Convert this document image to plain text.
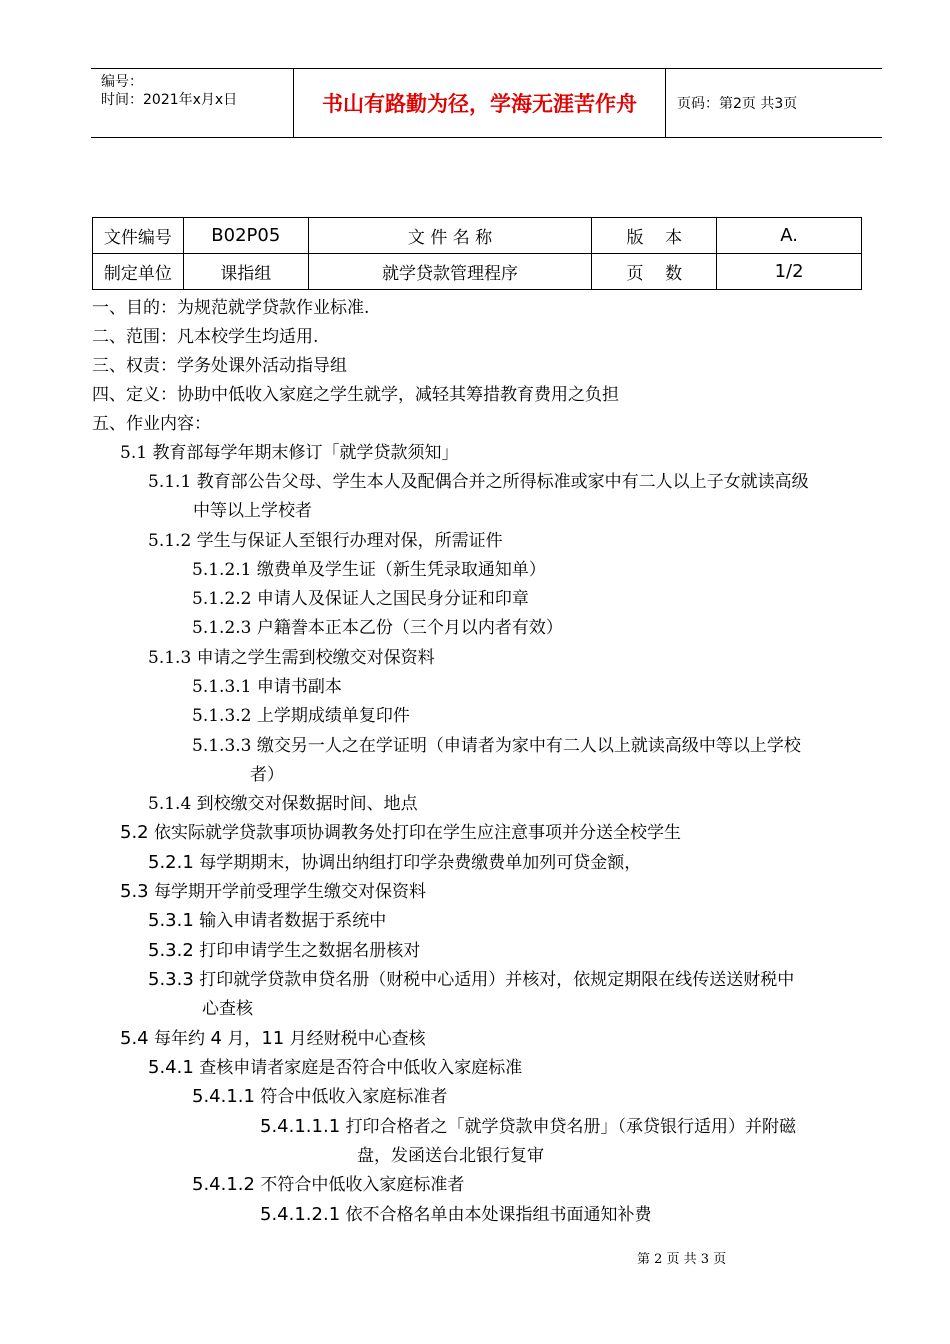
编号：
时间：2021年x月x日	书山有路勤为径，学海无涯苦作舟	页码：第2页 共3页
文件编号	B02P05	文 件 名 称	版    本	A.
制定单位	课指组	就学贷款管理程序	页    数	1/2
一、目的：为规范就学贷款作业标准.
二、范围：凡本校学生均适用.
三、权责：学务处课外活动指导组
四、定义：协助中低收入家庭之学生就学，减轻其筹措教育费用之负担
五、作业内容：
5.1 教育部每学年期末修订「就学贷款须知」
5.1.1 教育部公告父母、学生本人及配偶合并之所得标准或家中有二人以上子女就读高级
中等以上学校者
5.1.2 学生与保证人至银行办理对保，所需证件
5.1.2.1 缴费单及学生证（新生凭录取通知单）
5.1.2.2 申请人及保证人之国民身分证和印章
5.1.2.3 户籍誊本正本乙份（三个月以内者有效）
5.1.3 申请之学生需到校缴交对保资料
5.1.3.1 申请书副本
5.1.3.2 上学期成绩单复印件
5.1.3.3 缴交另一人之在学证明（申请者为家中有二人以上就读高级中等以上学校
者）
5.1.4 到校缴交对保数据时间、地点
5.2 依实际就学贷款事项协调教务处打印在学生应注意事项并分送全校学生
5.2.1 每学期期末，协调出纳组打印学杂费缴费单加列可贷金额，
5.3 每学期开学前受理学生缴交对保资料
5.3.1 输入申请者数据于系统中
5.3.2 打印申请学生之数据名册核对
5.3.3 打印就学贷款申贷名册（财税中心适用）并核对，依规定期限在线传送送财税中
心查核
5.4 每年约 4 月，11 月经财税中心查核
5.4.1 查核申请者家庭是否符合中低收入家庭标准
5.4.1.1 符合中低收入家庭标准者
5.4.1.1.1 打印合格者之「就学贷款申贷名册」（承贷银行适用）并附磁
盘，发函送台北银行复审
5.4.1.2 不符合中低收入家庭标准者
5.4.1.2.1 依不合格名单由本处课指组书面通知补费
第 2 页 共 3 页
